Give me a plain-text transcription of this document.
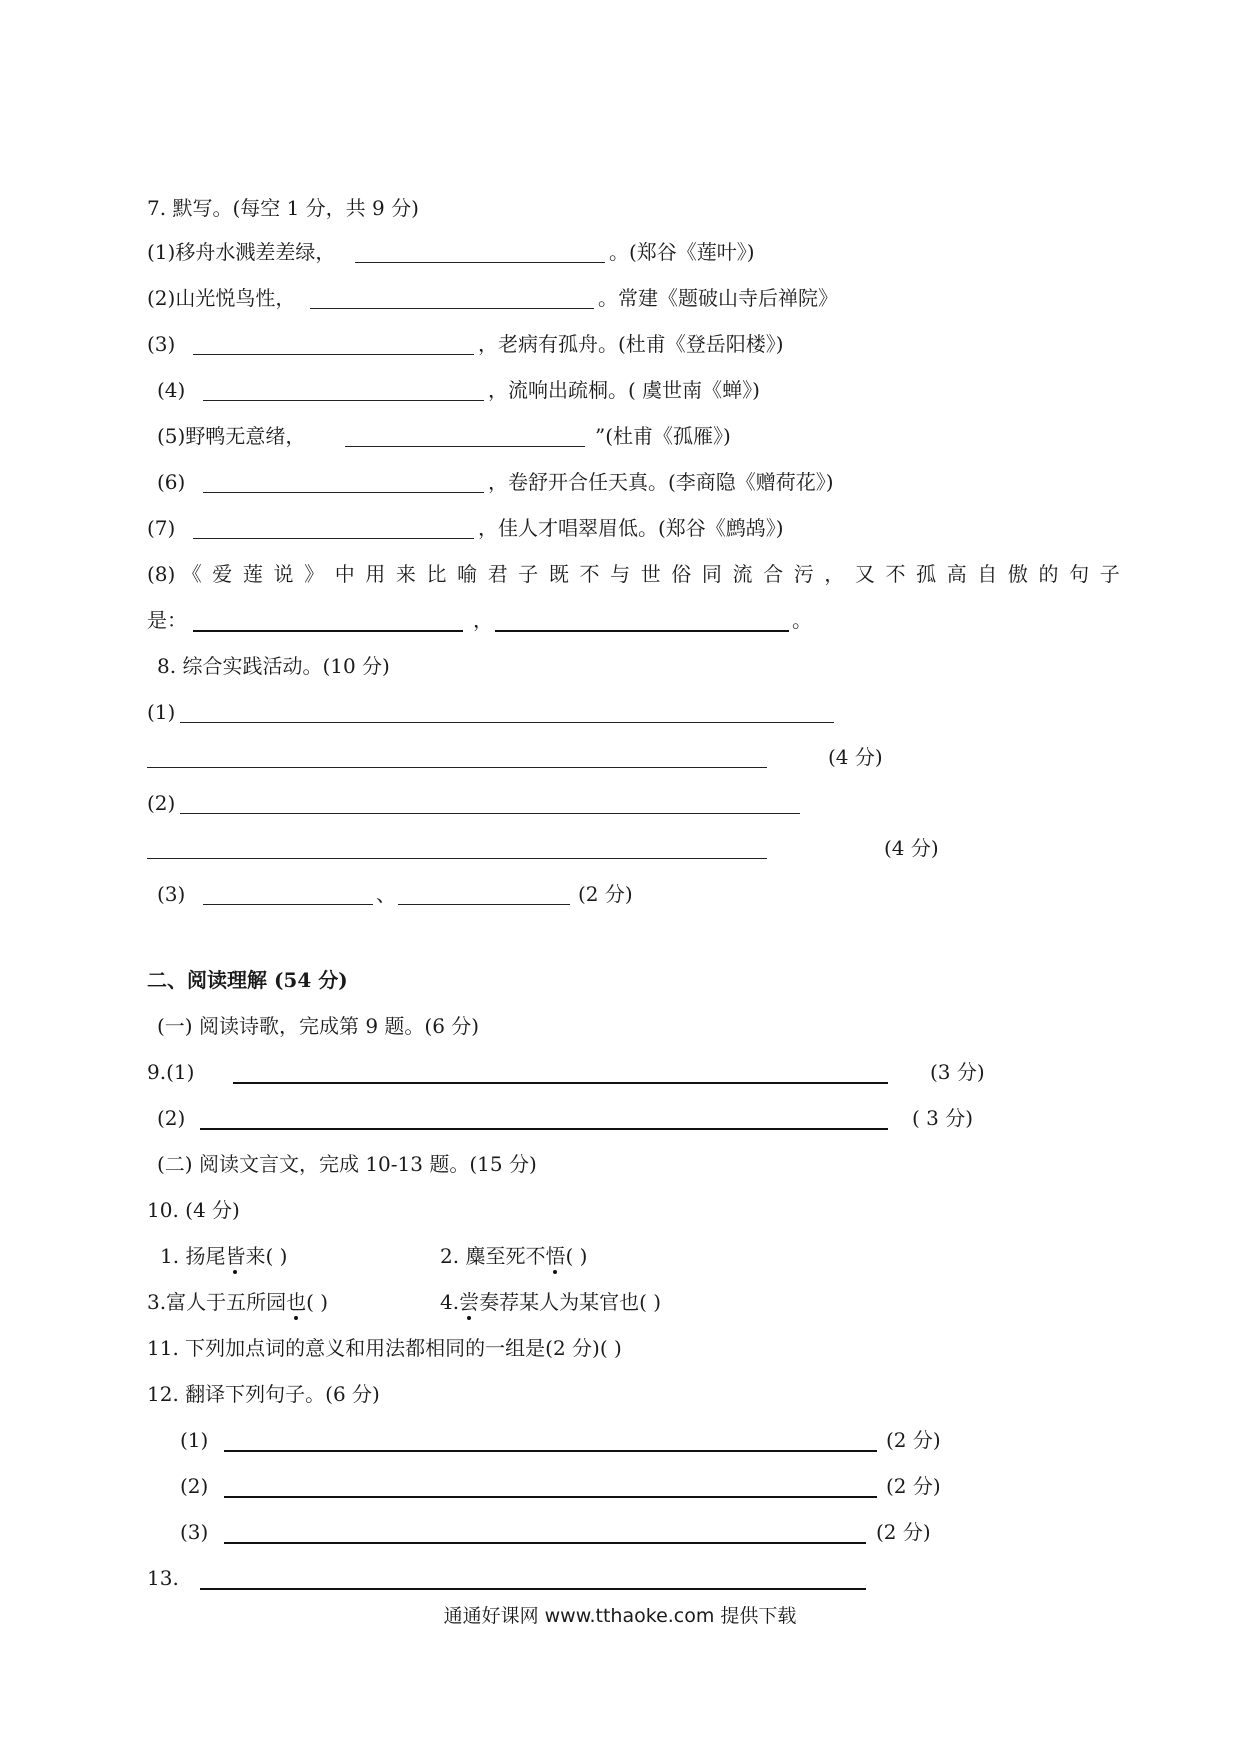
7. 默写。(每空 1 分，共 9 分)
(1)移舟水溅差差绿，	。(郑谷《莲叶》)
(2)山光悦鸟性，	。常建《题破山寺后禅院》
(3)	，老病有孤舟。(杜甫《登岳阳楼》)
(4)	，流响出疏桐。( 虞世南《蝉》)
(5)野鸭无意绪，	”(杜甫《孤雁》)
(6)	，卷舒开合任天真。(李商隐《赠荷花》)
(7)	，佳人才唱翠眉低。(郑谷《鹧鸪》)
(8) 《爱莲说》中用来比喻君子既不与世俗同流合污，又不孤高自傲的句子
是：	，	。
8. 综合实践活动。(10 分)
(1)
(4 分)
(2)
(4 分)
(3)	、	(2 分)
二、阅读理解 (54 分)
(一) 阅读诗歌，完成第 9 题。(6 分)
9.(1)	(3 分)
(2)	( 3 分)
(二) 阅读文言文，完成 10-13 题。(15 分)
10. (4 分)
1. 扬尾皆来( )	2. 麋至死不悟( )
3.富人于五所园也( )	4.尝奏荐某人为某官也( )
11. 下列加点词的意义和用法都相同的一组是(2 分)( )
12. 翻译下列句子。(6 分)
(1)	(2 分)
(2)	(2 分)
(3)	(2 分)
13.
通通好课网 www.tthaoke.com 提供下载
